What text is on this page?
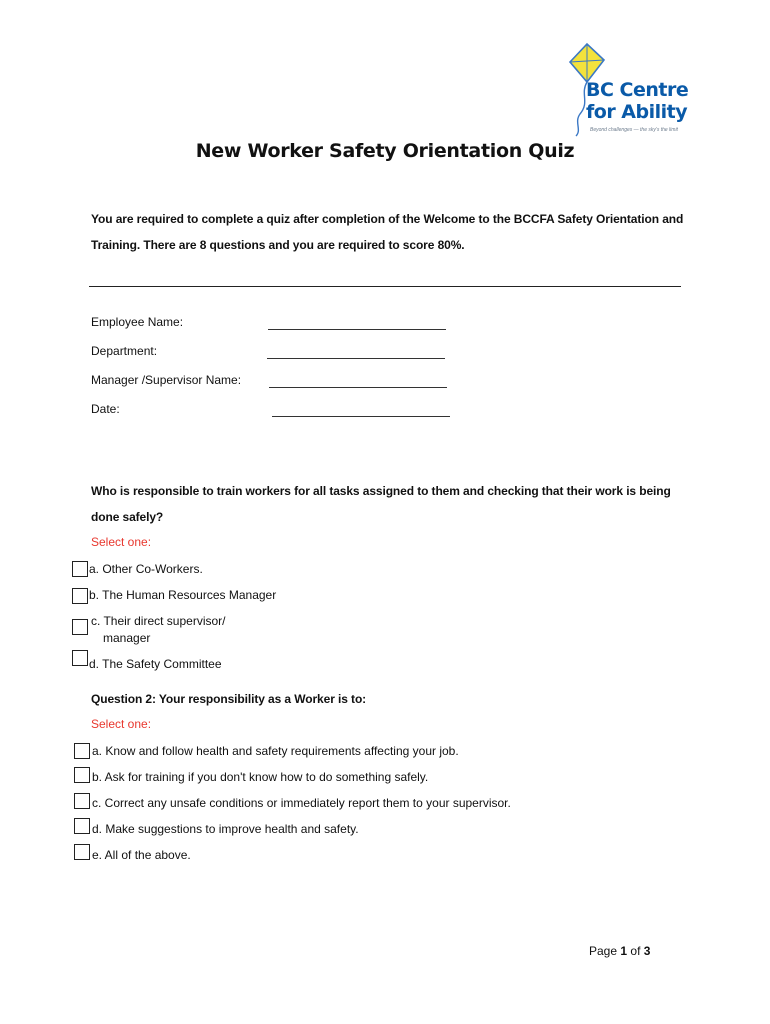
BC Centre
for Ability
Beyond challenges — the sky's the limit
New Worker Safety Orientation Quiz
You are required to complete a quiz after completion of the Welcome to the BCCFA Safety Orientation and Training. There are 8 questions and you are required to score 80%.
Employee Name:
Department:
Manager /Supervisor Name:
Date:
Who is responsible to train workers for all tasks assigned to them and checking that their work is being done safely?
Select one:
a. Other Co-Workers.
b. The Human Resources Manager
c. Their direct supervisor/
manager
d. The Safety Committee
Question 2: Your responsibility as a Worker is to:
Select one:
a. Know and follow health and safety requirements affecting your job.
b. Ask for training if you don't know how to do something safely.
c. Correct any unsafe conditions or immediately report them to your supervisor.
d. Make suggestions to improve health and safety.
e. All of the above.
Page 1 of 3
